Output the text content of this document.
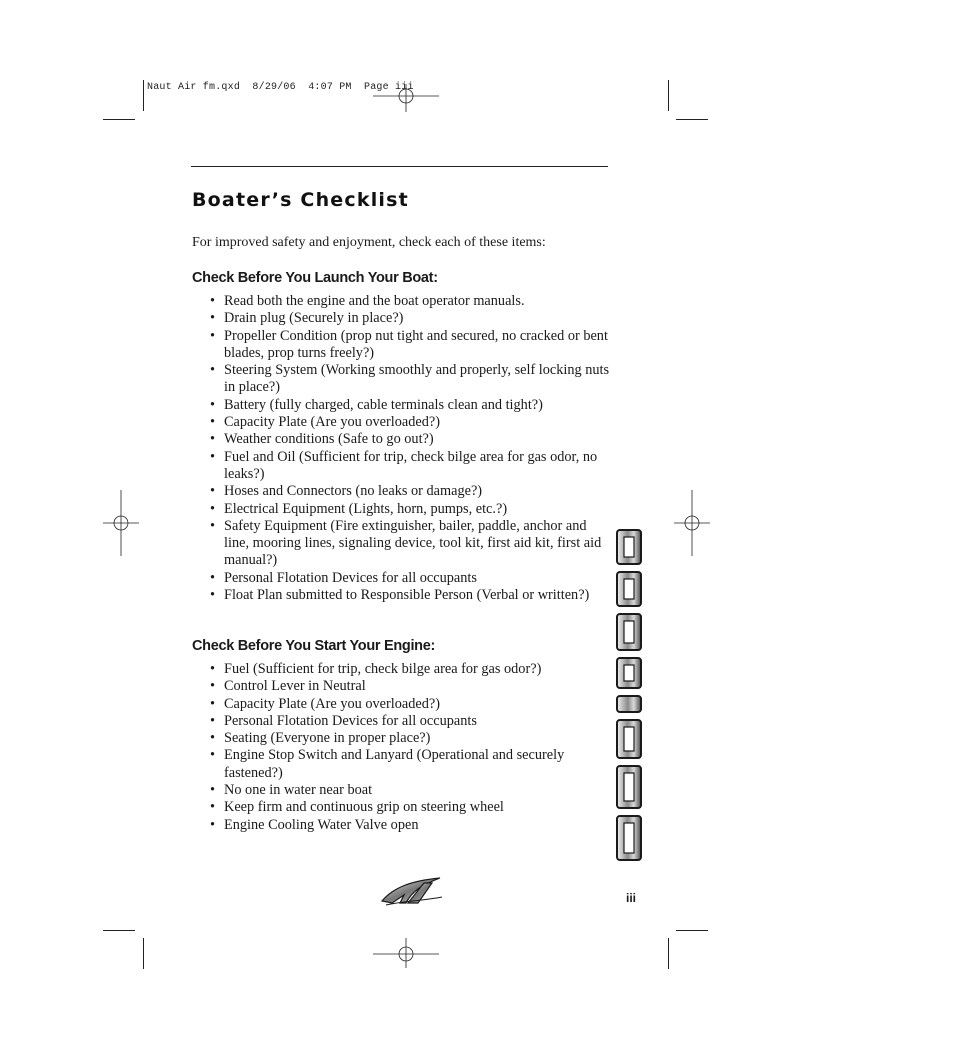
Naut Air fm.qxd  8/29/06  4:07 PM  Page iii
Boater’s Checklist

For improved safety and enjoyment, check each of these items:

Check Before You Launch Your Boat:
• Read both the engine and the boat operator manuals.
• Drain plug (Securely in place?)
• Propeller Condition (prop nut tight and secured, no cracked or bent blades, prop turns freely?)
• Steering System (Working smoothly and properly, self locking nuts in place?)
• Battery (fully charged, cable terminals clean and tight?)
• Capacity Plate (Are you overloaded?)
• Weather conditions (Safe to go out?)
• Fuel and Oil (Sufficient for trip, check bilge area for gas odor, no leaks?)
• Hoses and Connectors (no leaks or damage?)
• Electrical Equipment (Lights, horn, pumps, etc.?)
• Safety Equipment (Fire extinguisher, bailer, paddle, anchor and line, mooring lines, signaling device, tool kit, first aid kit, first aid manual?)
• Personal Flotation Devices for all occupants
• Float Plan submitted to Responsible Person (Verbal or written?)
Check Before You Start Your Engine:
• Fuel (Sufficient for trip, check bilge area for gas odor?)
• Control Lever in Neutral
• Capacity Plate (Are you overloaded?)
• Personal Flotation Devices for all occupants
• Seating (Everyone in proper place?)
• Engine Stop Switch and Lanyard (Operational and securely fastened?)
• No one in water near boat
• Keep firm and continuous grip on steering wheel
• Engine Cooling Water Valve open
iii
